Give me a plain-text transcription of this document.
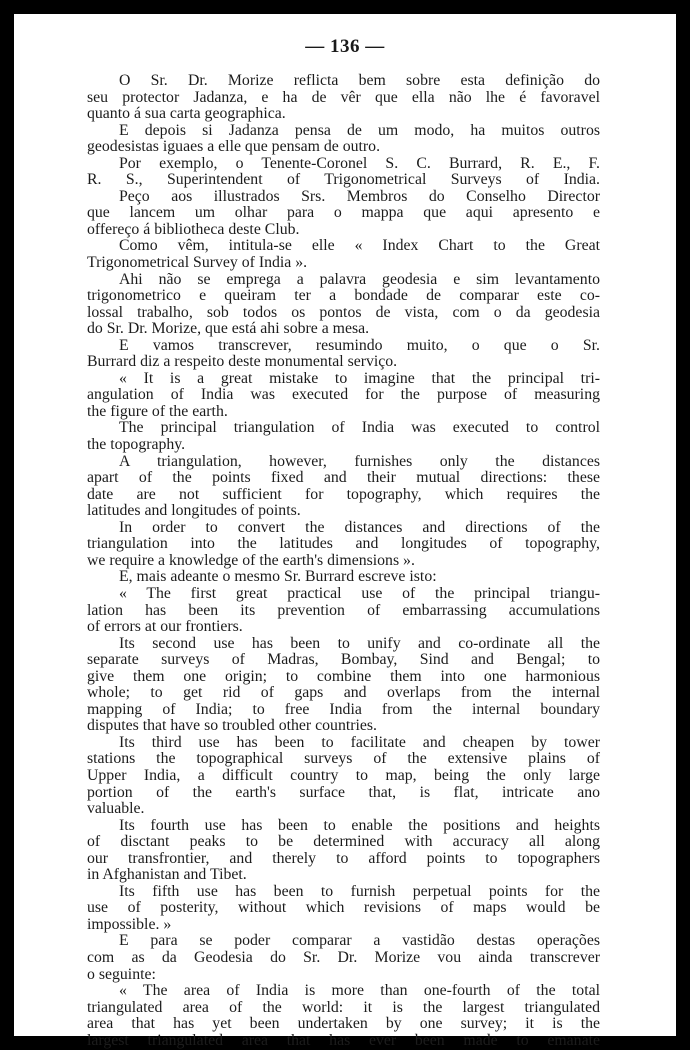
— 136 —
O Sr. Dr. Morize reflicta bem sobre esta definição do
seu protector Jadanza, e ha de vêr que ella não lhe é favoravel
quanto á sua carta geographica.
E depois si Jadanza pensa de um modo, ha muitos outros
geodesistas iguaes a elle que pensam de outro.
Por exemplo, o Tenente-Coronel S. C. Burrard, R. E., F.
R. S., Superintendent of Trigonometrical Surveys of India.
Peço aos illustrados Srs. Membros do Conselho Director
que lancem um olhar para o mappa que aqui apresento e
offereço á bibliotheca deste Club.
Como vêm, intitula-se elle « Index Chart to the Great
Trigonometrical Survey of India ».
Ahi não se emprega a palavra geodesia e sim levantamento
trigonometrico e queiram ter a bondade de comparar este co-
lossal trabalho, sob todos os pontos de vista, com o da geodesia
do Sr. Dr. Morize, que está ahi sobre a mesa.
E vamos transcrever, resumindo muito, o que o Sr.
Burrard diz a respeito deste monumental serviço.
« It is a great mistake to imagine that the principal tri-
angulation of India was executed for the purpose of measuring
the figure of the earth.
The principal triangulation of India was executed to control
the topography.
A triangulation, however, furnishes only the distances
apart of the points fixed and their mutual directions: these
date are not sufficient for topography, which requires the
latitudes and longitudes of points.
In order to convert the distances and directions of the
triangulation into the latitudes and longitudes of topography,
we require a knowledge of the earth's dimensions ».
E, mais adeante o mesmo Sr. Burrard escreve isto:
« The first great practical use of the principal triangu-
lation has been its prevention of embarrassing accumulations
of errors at our frontiers.
Its second use has been to unify and co-ordinate all the
separate surveys of Madras, Bombay, Sind and Bengal; to
give them one origin; to combine them into one harmonious
whole; to get rid of gaps and overlaps from the internal
mapping of India; to free India from the internal boundary
disputes that have so troubled other countries.
Its third use has been to facilitate and cheapen by tower
stations the topographical surveys of the extensive plains of
Upper India, a difficult country to map, being the only large
portion of the earth's surface that, is flat, intricate ano
valuable.
Its fourth use has been to enable the positions and heights
of disctant peaks to be determined with accuracy all along
our transfrontier, and therely to afford points to topographers
in Afghanistan and Tibet.
Its fifth use has been to furnish perpetual points for the
use of posterity, without which revisions of maps would be
impossible. »
E para se poder comparar a vastidão destas operações
com as da Geodesia do Sr. Dr. Morize vou ainda transcrever
o seguinte:
« The area of India is more than one-fourth of the total
triangulated area of the world: it is the largest triangulated
area that has yet been undertaken by one survey; it is the
largest triangulated area that has ever been made to emanate
